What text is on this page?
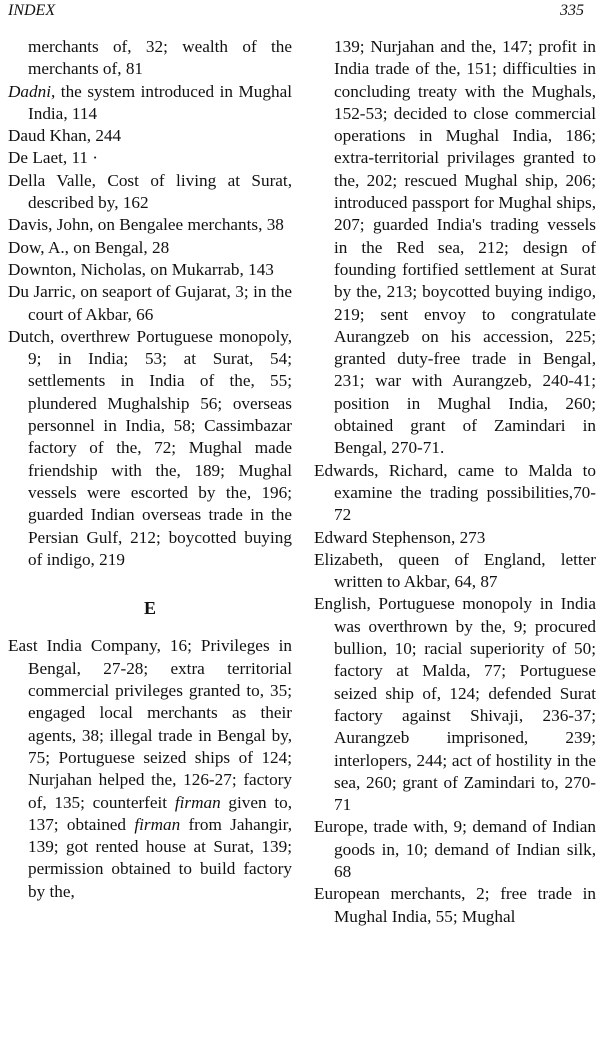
INDEX	335
merchants of, 32; wealth of the merchants of, 81
Dadni, the system introduced in Mughal India, 114
Daud Khan, 244
De Laet, 11 ·
Della Valle, Cost of living at Surat, described by, 162
Davis, John, on Bengalee merchants, 38
Dow, A., on Bengal, 28
Downton, Nicholas, on Mukarrab, 143
Du Jarric, on seaport of Gujarat, 3; in the court of Akbar, 66
Dutch, overthrew Portuguese monopoly, 9; in India; 53; at Surat, 54; settlements in India of the, 55; plundered Mughalship 56; overseas personnel in India, 58; Cassimbazar factory of the, 72; Mughal made friendship with the, 189; Mughal vessels were escorted by the, 196; guarded Indian overseas trade in the Persian Gulf, 212; boycotted buying of indigo, 219
E
East India Company, 16; Privileges in Bengal, 27-28; extra territorial commercial privileges granted to, 35; engaged local merchants as their agents, 38; illegal trade in Bengal by, 75; Portuguese seized ships of 124; Nurjahan helped the, 126-27; factory of, 135; counterfeit firman given to, 137; obtained firman from Jahangir, 139; got rented house at Surat, 139; permission obtained to build factory by the,
139; Nurjahan and the, 147; profit in India trade of the, 151; difficulties in concluding treaty with the Mughals, 152-53; decided to close commercial operations in Mughal India, 186; extra-territorial privilages granted to the, 202; rescued Mughal ship, 206; introduced passport for Mughal ships, 207; guarded India's trading vessels in the Red sea, 212; design of founding fortified settlement at Surat by the, 213; boycotted buying indigo, 219; sent envoy to congratulate Aurangzeb on his accession, 225; granted duty-free trade in Bengal, 231; war with Aurangzeb, 240-41; position in Mughal India, 260; obtained grant of Zamindari in Bengal, 270-71.
Edwards, Richard, came to Malda to examine the trading possibilities,70-72
Edward Stephenson, 273
Elizabeth, queen of England, letter written to Akbar, 64, 87
English, Portuguese monopoly in India was overthrown by the, 9; procured bullion, 10; racial superiority of 50; factory at Malda, 77; Portuguese seized ship of, 124; defended Surat factory against Shivaji, 236-37; Aurangzeb imprisoned, 239; interlopers, 244; act of hostility in the sea, 260; grant of Zamindari to, 270-71
Europe, trade with, 9; demand of Indian goods in, 10; demand of Indian silk, 68
European merchants, 2; free trade in Mughal India, 55; Mughal
